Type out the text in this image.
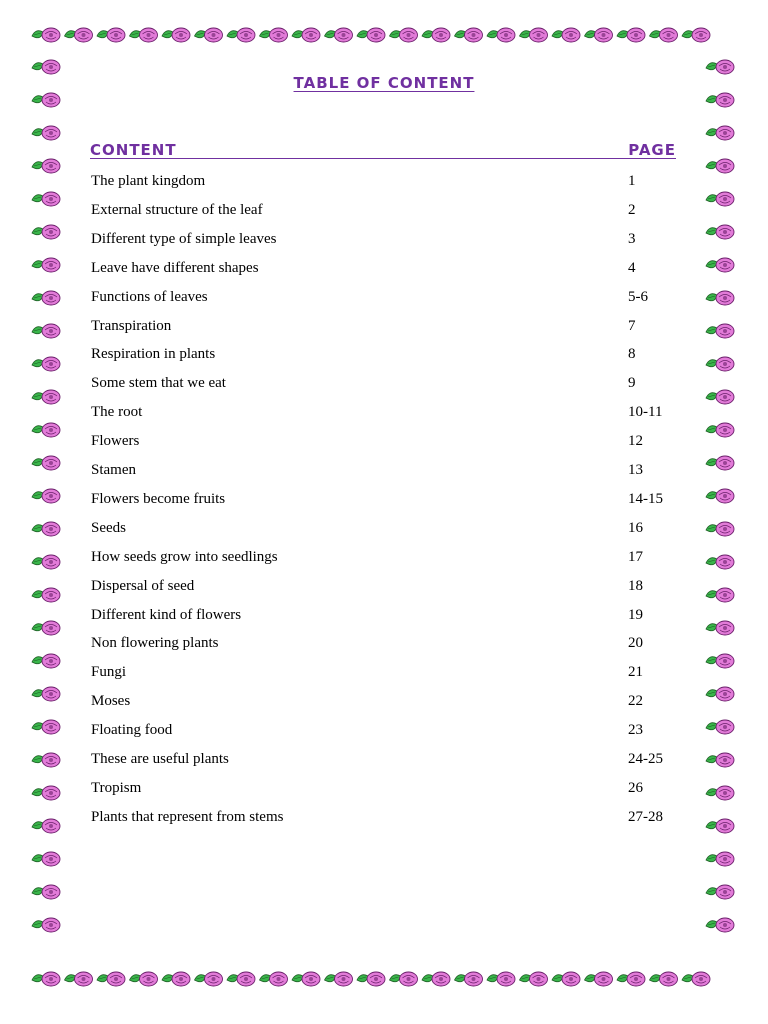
TABLE OF CONTENT
CONTENT	PAGE
The plant kingdom	1
External structure of the leaf	2
Different type of simple leaves	3
Leave have different shapes	4
Functions of leaves	5-6
Transpiration	7
Respiration in plants	8
Some stem that we eat	9
The root	10-11
Flowers	12
Stamen	13
Flowers become fruits	14-15
Seeds	16
How seeds grow into seedlings	17
Dispersal of seed	18
Different kind of flowers	19
Non flowering plants	20
Fungi	21
Moses	22
Floating food	23
These are useful plants	24-25
Tropism	26
Plants that represent from stems	27-28
